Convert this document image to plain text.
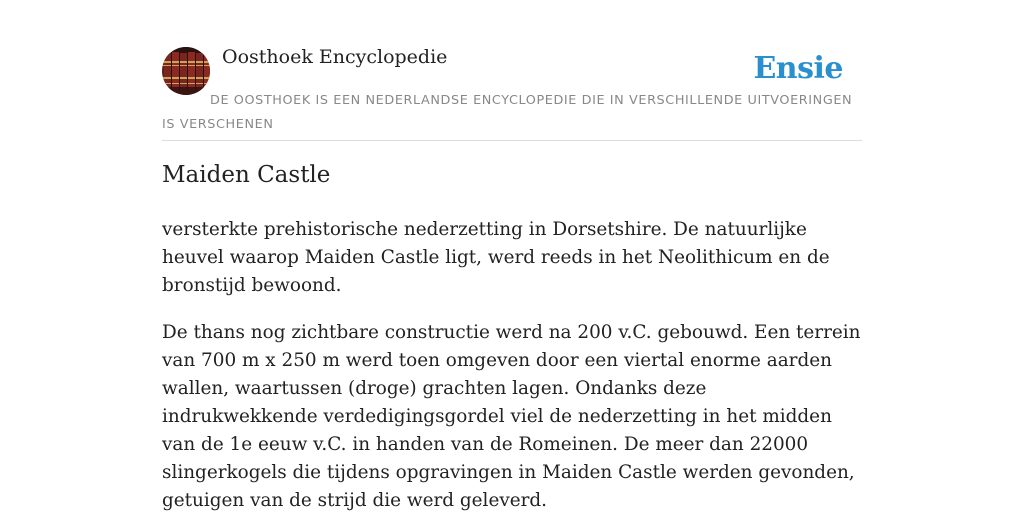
Oosthoek Encyclopedie	Ensie
DE OOSTHOEK IS EEN NEDERLANDSE ENCYCLOPEDIE DIE IN VERSCHILLENDE UITVOERINGEN IS VERSCHENEN
Maiden Castle

versterkte prehistorische nederzetting in Dorsetshire. De natuurlijke heuvel waarop Maiden Castle ligt, werd reeds in het Neolithicum en de bronstijd bewoond.

De thans nog zichtbare constructie werd na 200 v.C. gebouwd. Een terrein van 700 m x 250 m werd toen omgeven door een viertal enorme aarden wallen, waartussen (droge) grachten lagen. Ondanks deze indrukwekkende verdedigingsgordel viel de nederzetting in het midden van de 1e eeuw v.C. in handen van de Romeinen. De meer dan 22000 slingerkogels die tijdens opgravingen in Maiden Castle werden gevonden, getuigen van de strijd die werd geleverd.
